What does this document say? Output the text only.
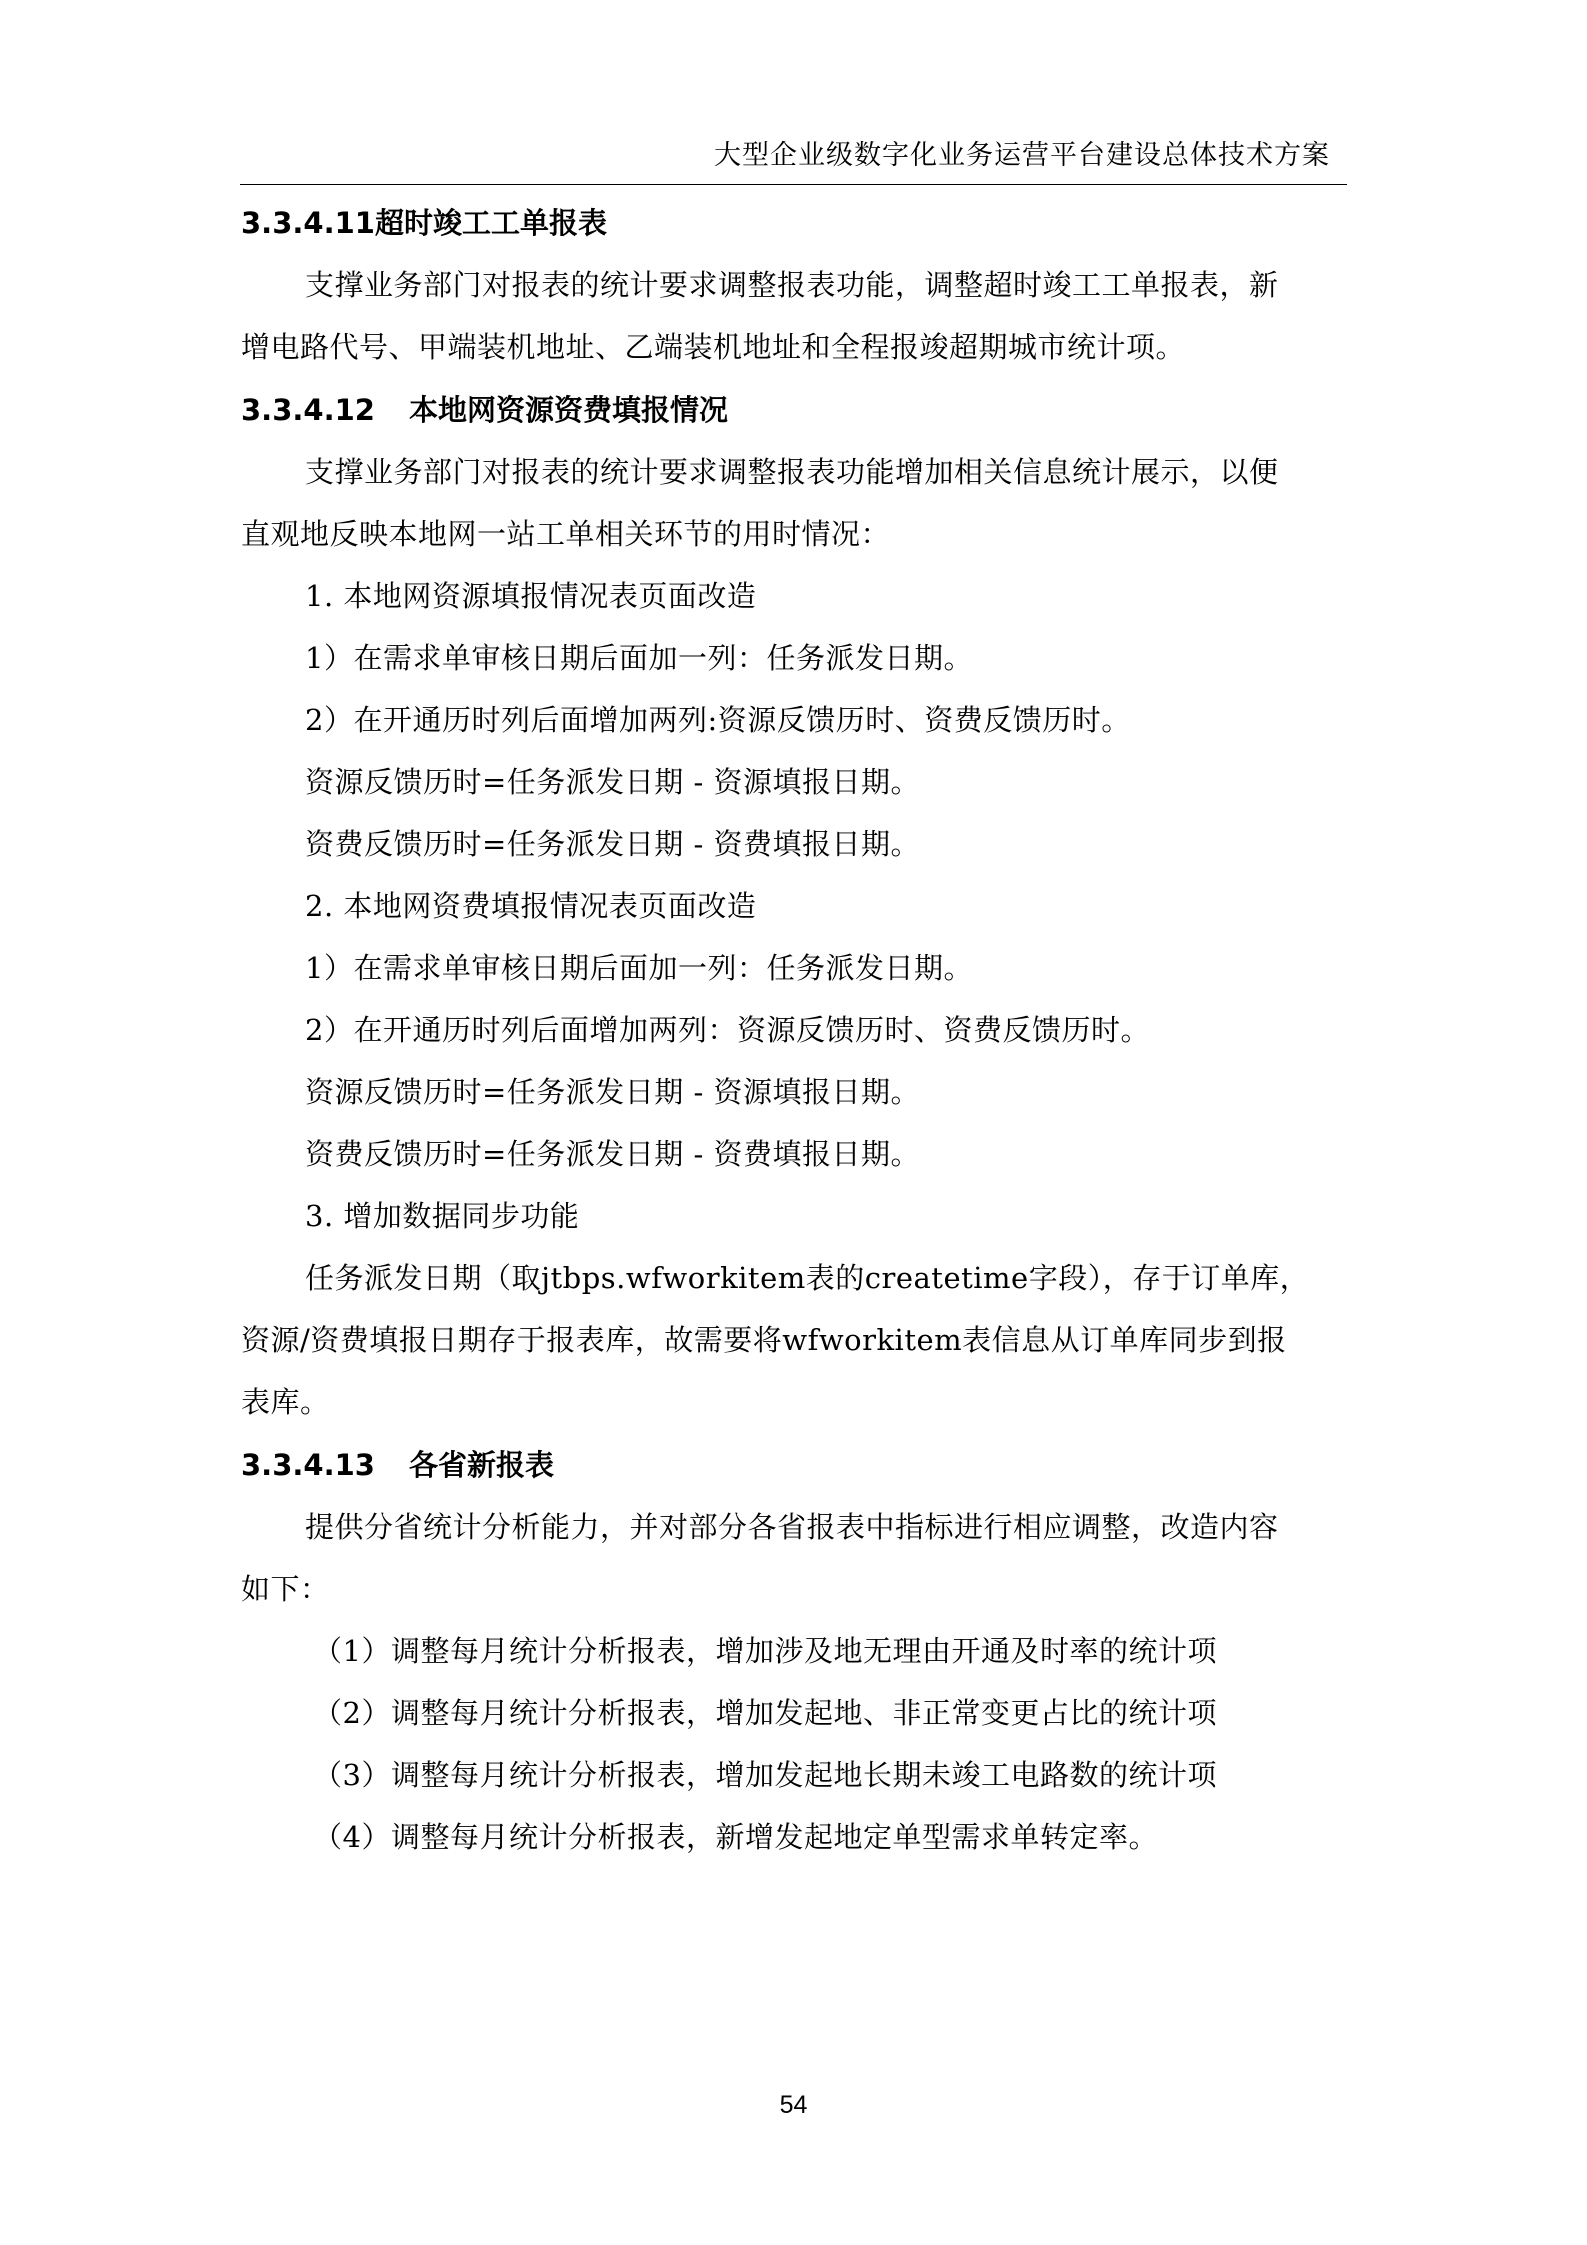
大型企业级数字化业务运营平台建设总体技术方案
3.3.4.11超时竣工工单报表
支撑业务部门对报表的统计要求调整报表功能，调整超时竣工工单报表，新
增电路代号、甲端装机地址、乙端装机地址和全程报竣超期城市统计项。
3.3.4.12 本地网资源资费填报情况
支撑业务部门对报表的统计要求调整报表功能增加相关信息统计展示，以便
直观地反映本地网一站工单相关环节的用时情况：
1. 本地网资源填报情况表页面改造
1）在需求单审核日期后面加一列：任务派发日期。
2）在开通历时列后面增加两列:资源反馈历时、资费反馈历时。
资源反馈历时=任务派发日期 - 资源填报日期。
资费反馈历时=任务派发日期 - 资费填报日期。
2. 本地网资费填报情况表页面改造
1）在需求单审核日期后面加一列：任务派发日期。
2）在开通历时列后面增加两列：资源反馈历时、资费反馈历时。
资源反馈历时=任务派发日期 - 资源填报日期。
资费反馈历时=任务派发日期 - 资费填报日期。
3. 增加数据同步功能
任务派发日期（取jtbps.wfworkitem表的createtime字段），存于订单库，
资源/资费填报日期存于报表库，故需要将wfworkitem表信息从订单库同步到报
表库。
3.3.4.13 各省新报表
提供分省统计分析能力，并对部分各省报表中指标进行相应调整，改造内容
如下：
（1）调整每月统计分析报表，增加涉及地无理由开通及时率的统计项
（2）调整每月统计分析报表，增加发起地、非正常变更占比的统计项
（3）调整每月统计分析报表，增加发起地长期未竣工电路数的统计项
（4）调整每月统计分析报表，新增发起地定单型需求单转定率。
54
